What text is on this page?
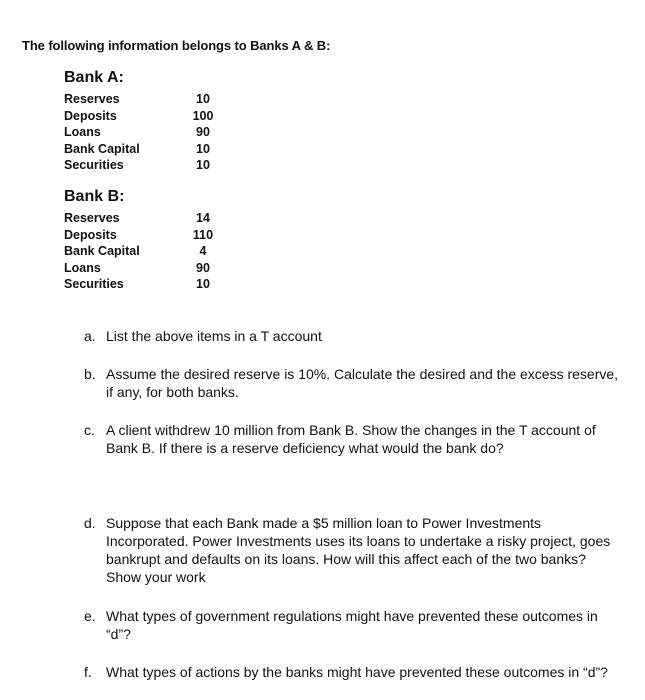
The following information belongs to Banks A & B:
Bank A:
Reserves	10
Deposits	100
Loans	90
Bank Capital	10
Securities	10
Bank B:
Reserves	14
Deposits	110
Bank Capital	4
Loans	90
Securities	10
a. List the above items in a T account
b. Assume the desired reserve is 10%. Calculate the desired and the excess reserve, if any, for both banks.
c. A client withdrew 10 million from Bank B. Show the changes in the T account of Bank B. If there is a reserve deficiency what would the bank do?
d. Suppose that each Bank made a $5 million loan to Power Investments Incorporated. Power Investments uses its loans to undertake a risky project, goes bankrupt and defaults on its loans. How will this affect each of the two banks? Show your work
e. What types of government regulations might have prevented these outcomes in “d”?
f.	What types of actions by the banks might have prevented these outcomes in “d”?
